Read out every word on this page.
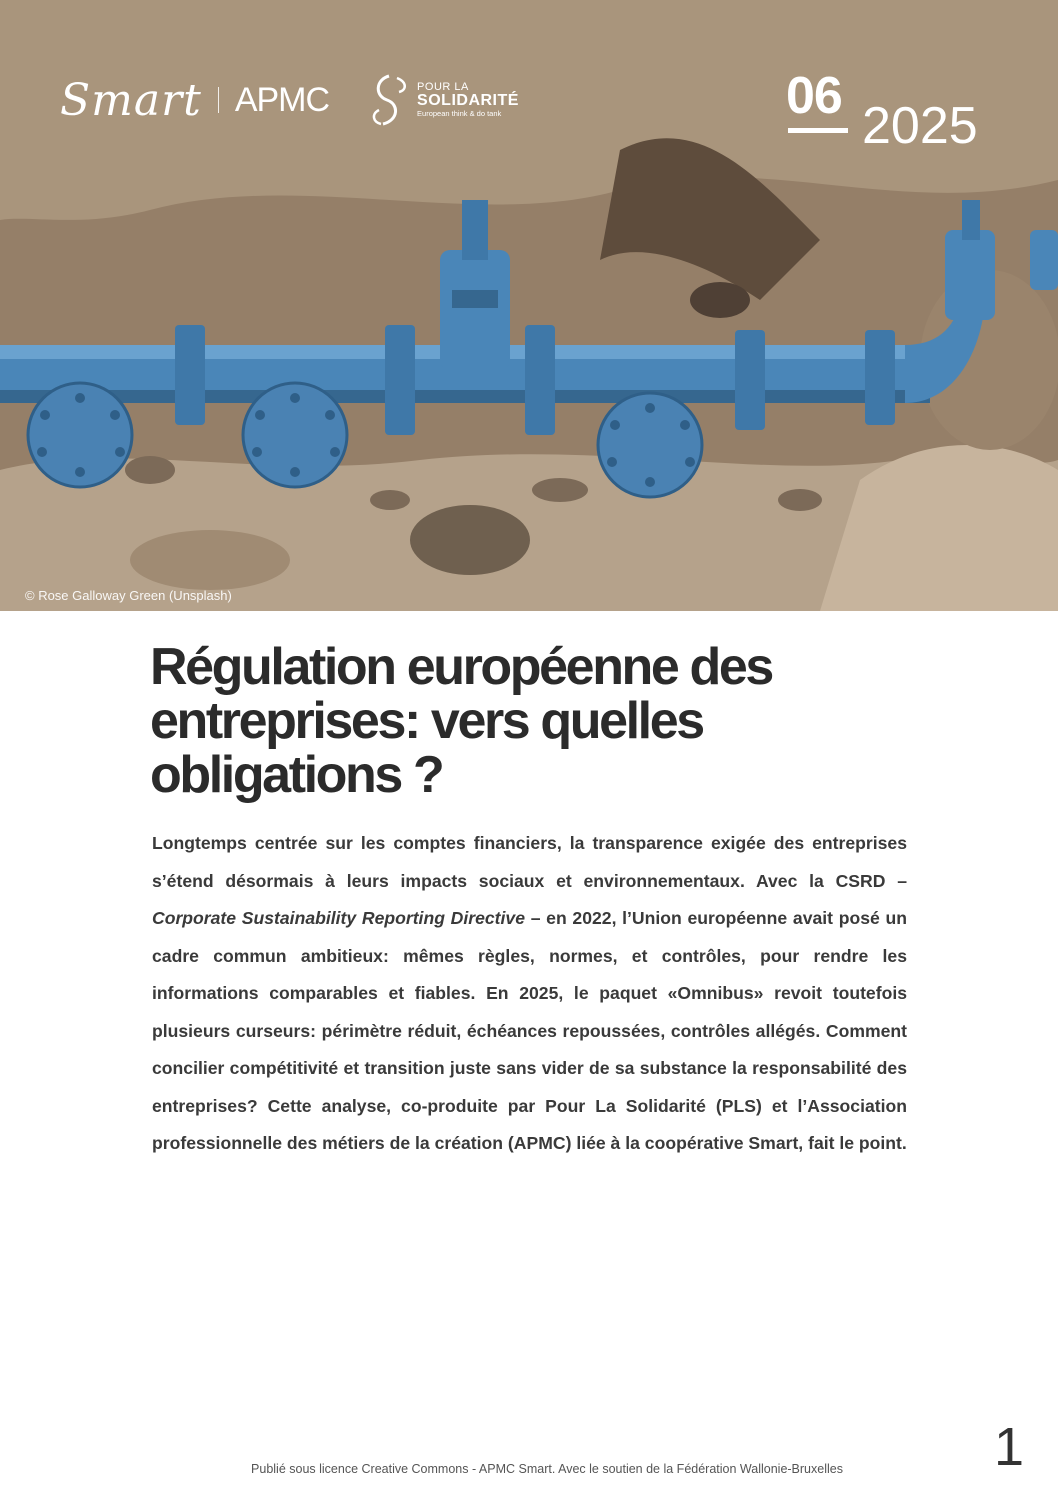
Smart APMC	POUR LA
SOLIDARITÉ
European think & do tank	06
2025
© Rose Galloway Green (Unsplash)
Régulation européenne des entreprises: vers quelles obligations ?

Longtemps centrée sur les comptes financiers, la transparence exigée des entreprises s’étend désormais à leurs impacts sociaux et environnementaux. Avec la CSRD – Corporate Sustainability Reporting Directive – en 2022, l’Union européenne avait posé un cadre commun ambitieux: mêmes règles, normes, et contrôles, pour rendre les informations comparables et fiables. En 2025, le paquet «Omnibus» revoit toutefois plusieurs curseurs: périmètre réduit, échéances repoussées, contrôles allégés. Comment concilier compétitivité et transition juste sans vider de sa substance la responsabilité des entreprises? Cette analyse, co-produite par Pour La Solidarité (PLS) et l’Association professionnelle des métiers de la création (APMC) liée à la coopérative Smart, fait le point.

Publié sous licence Creative Commons - APMC Smart. Avec le soutien de la Fédération Wallonie-Bruxelles	1
